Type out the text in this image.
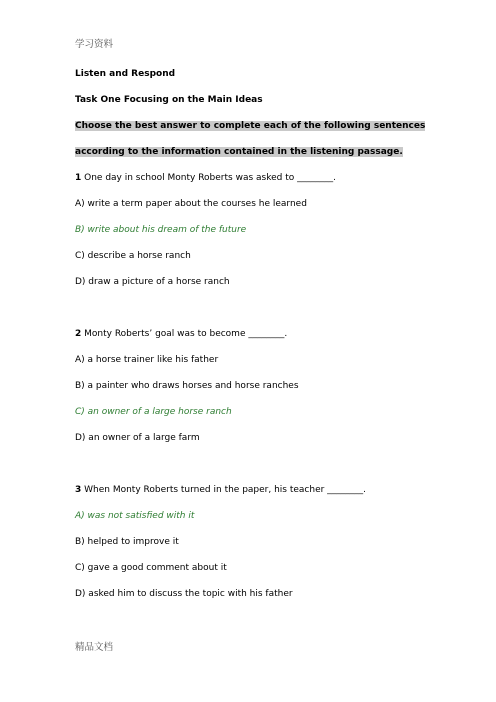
学习资料
Listen and Respond
Task One Focusing on the Main Ideas
Choose the best answer to complete each of the following sentences
according to the information contained in the listening passage.
1 One day in school Monty Roberts was asked to ________.
A) write a term paper about the courses he learned
B) write about his dream of the future
C) describe a horse ranch
D) draw a picture of a horse ranch
2 Monty Roberts’ goal was to become ________.
A) a horse trainer like his father
B) a painter who draws horses and horse ranches
C) an owner of a large horse ranch
D) an owner of a large farm
3 When Monty Roberts turned in the paper, his teacher ________.
A) was not satisfied with it
B) helped to improve it
C) gave a good comment about it
D) asked him to discuss the topic with his father
精品文档
